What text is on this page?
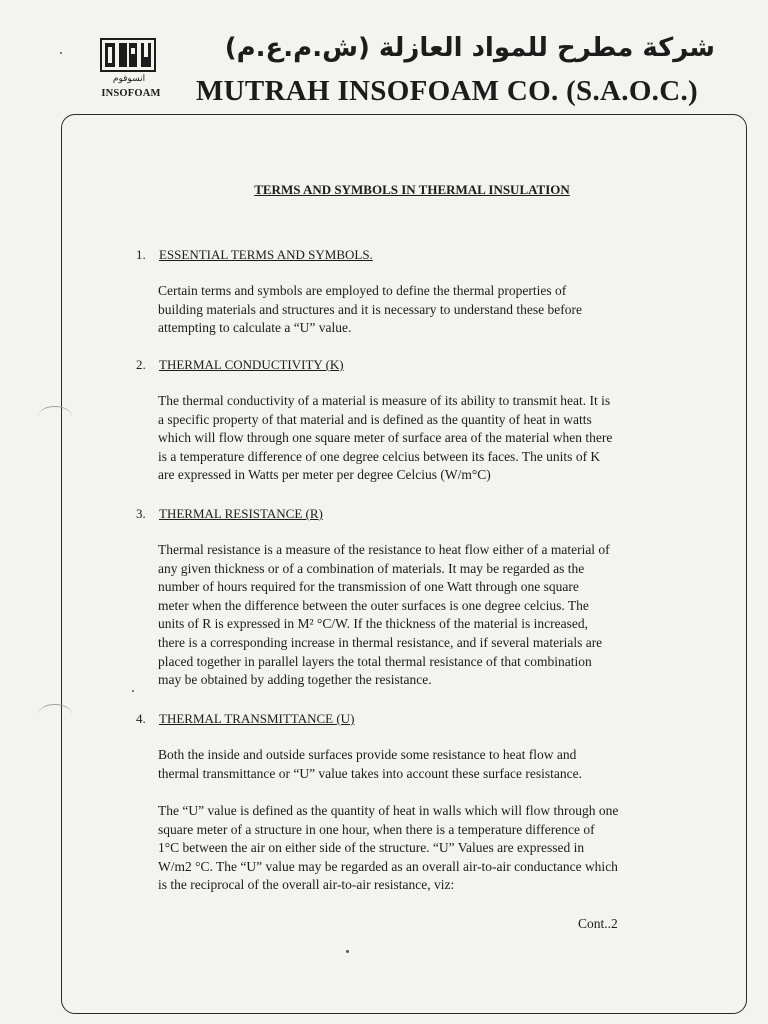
انسوفوم
INSOFOAM
شركة مطرح للمواد العازلة (ش.م.ع.م)
MUTRAH INSOFOAM CO. (S.A.O.C.)
TERMS AND SYMBOLS IN THERMAL INSULATION
1. ESSENTIAL TERMS AND SYMBOLS.
Certain terms and symbols are employed to define the thermal properties of
building materials and structures and it is necessary to understand these before
attempting to calculate a “U” value.
2. THERMAL CONDUCTIVITY (K)
The thermal conductivity of a material is measure of its ability to transmit heat. It is
a specific property of that material and is defined as the quantity of heat in watts
which will flow through one square meter of surface area of the material when there
is a temperature difference of one degree celcius between its faces. The units of K
are expressed in Watts per meter per degree Celcius (W/m°C)
3. THERMAL RESISTANCE (R)
Thermal resistance is a measure of the resistance to heat flow either of a material of
any given thickness or of a combination of materials. It may be regarded as the
number of hours required for the transmission of one Watt through one square
meter when the difference between the outer surfaces is one degree celcius. The
units of R is expressed in M² °C/W. If the thickness of the material is increased,
there is a corresponding increase in thermal resistance, and if several materials are
placed together in parallel layers the total thermal resistance of that combination
may be obtained by adding together the resistance.
4. THERMAL TRANSMITTANCE (U)
Both the inside and outside surfaces provide some resistance to heat flow and
thermal transmittance or “U” value takes into account these surface resistance.
The “U” value is defined as the quantity of heat in walls which will flow through one
square meter of a structure in one hour, when there is a temperature difference of
1°C between the air on either side of the structure. “U” Values are expressed in
W/m2 °C. The “U” value may be regarded as an overall air-to-air conductance which
is the reciprocal of the overall air-to-air resistance, viz:
Cont..2
